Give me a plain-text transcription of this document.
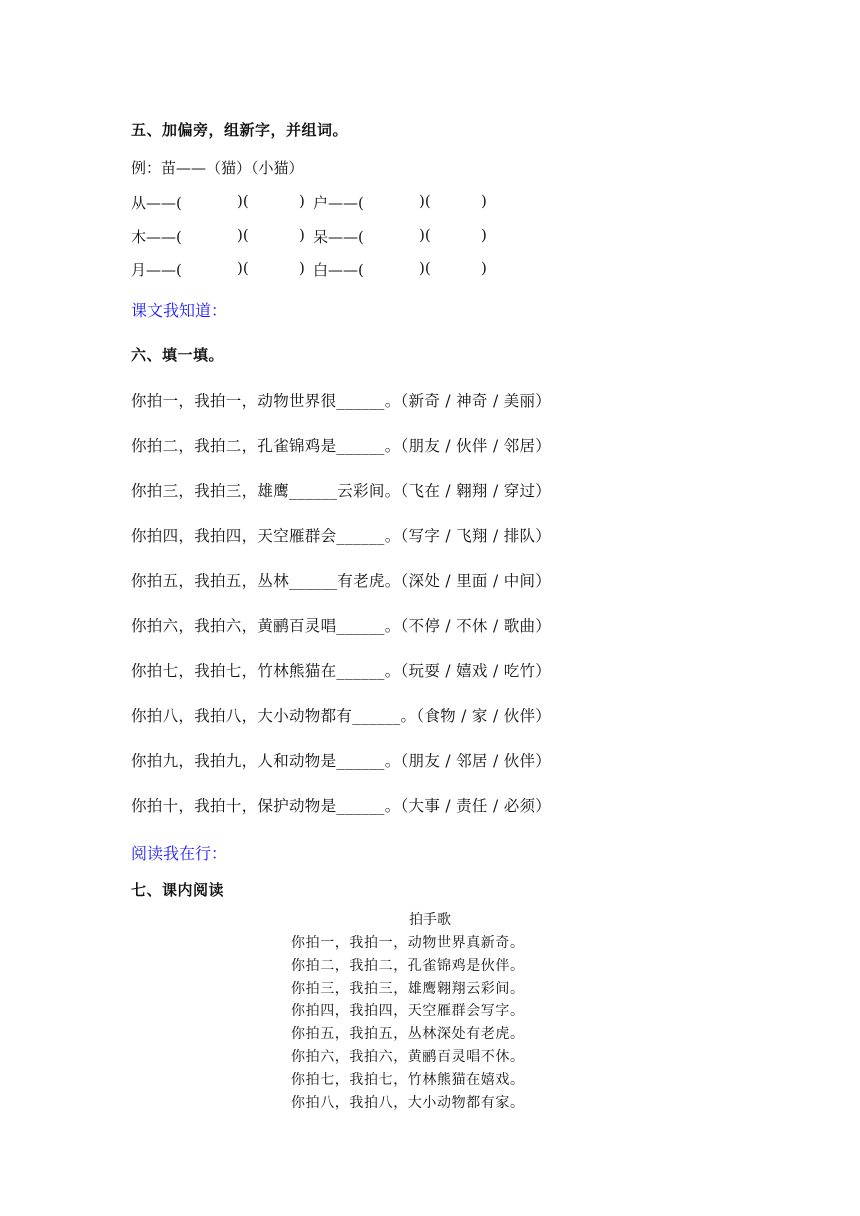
五、加偏旁，组新字，并组词。
例：苗——（猫）（小猫）
从——(	)(	) 户——(	)(	)
木——(	)(	) 呆——(	)(	)
月——(	)(	) 白——(	)(	)
课文我知道：
六、填一填。
你拍一，我拍一，动物世界很______。（新奇 / 神奇 / 美丽）
你拍二，我拍二，孔雀锦鸡是______。（朋友 / 伙伴 / 邻居）
你拍三，我拍三，雄鹰______云彩间。（飞在 / 翱翔 / 穿过）
你拍四，我拍四，天空雁群会______。（写字 / 飞翔 / 排队）
你拍五，我拍五，丛林______有老虎。（深处 / 里面 / 中间）
你拍六，我拍六，黄鹂百灵唱______。（不停 / 不休 / 歌曲）
你拍七，我拍七，竹林熊猫在______。（玩耍 / 嬉戏 / 吃竹）
你拍八，我拍八，大小动物都有______。（食物 / 家 / 伙伴）
你拍九，我拍九，人和动物是______。（朋友 / 邻居 / 伙伴）
你拍十，我拍十，保护动物是______。（大事 / 责任 / 必须）
阅读我在行：
七、课内阅读
拍手歌
你拍一，我拍一，动物世界真新奇。
你拍二，我拍二，孔雀锦鸡是伙伴。
你拍三，我拍三，雄鹰翱翔云彩间。
你拍四，我拍四，天空雁群会写字。
你拍五，我拍五，丛林深处有老虎。
你拍六，我拍六，黄鹂百灵唱不休。
你拍七，我拍七，竹林熊猫在嬉戏。
你拍八，我拍八，大小动物都有家。
